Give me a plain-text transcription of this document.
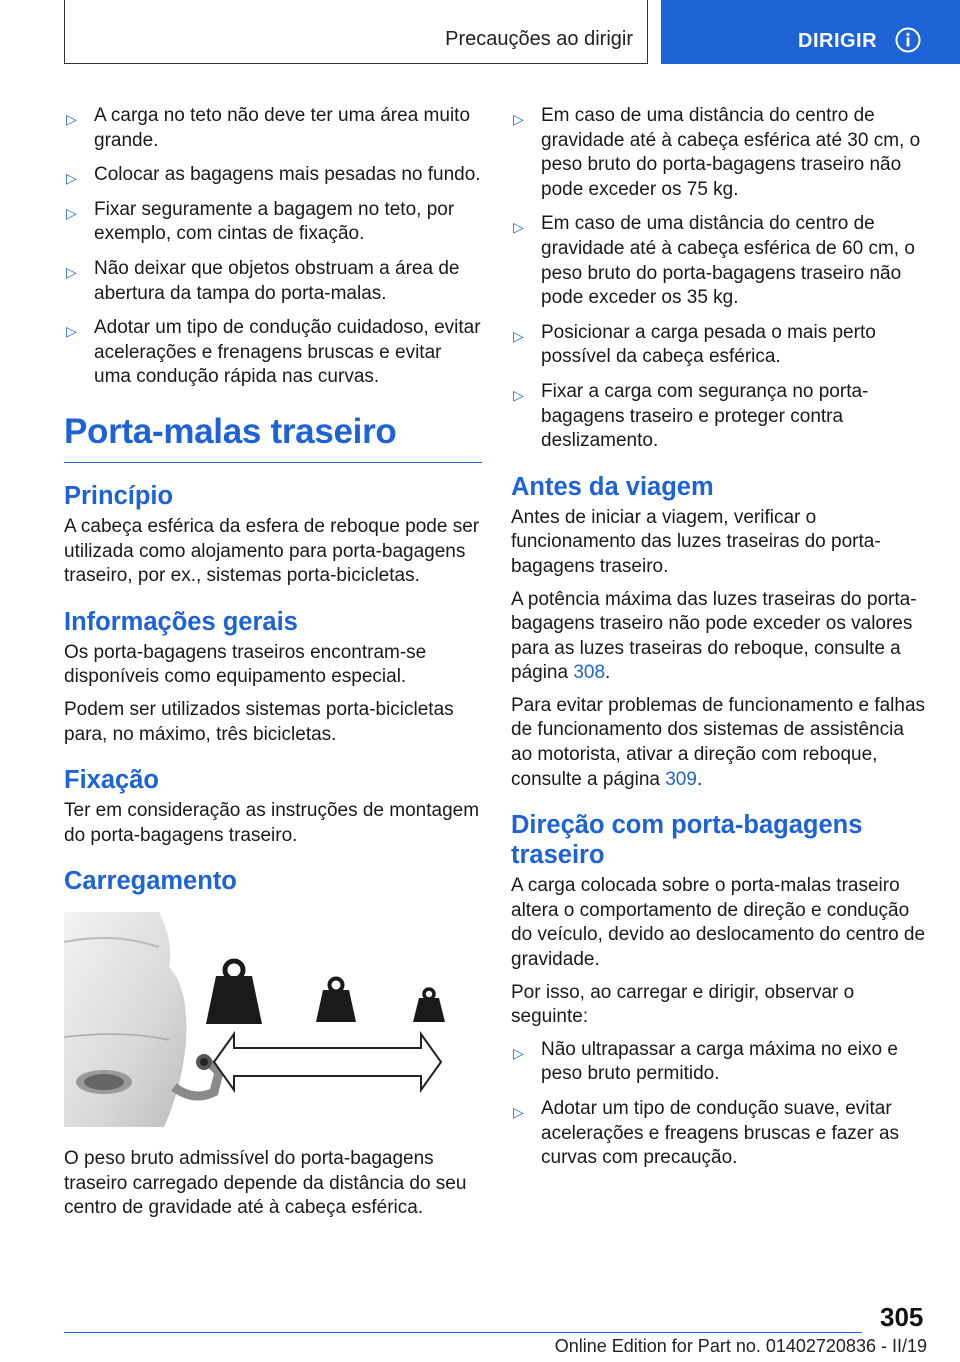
Precauções ao dirigir	DIRIGIR
▷ A carga no teto não deve ter uma área muito grande.
▷ Colocar as bagagens mais pesadas no fundo.
▷ Fixar seguramente a bagagem no teto, por exemplo, com cintas de fixação.
▷ Não deixar que objetos obstruam a área de abertura da tampa do porta-malas.
▷ Adotar um tipo de condução cuidadoso, evitar acelerações e frenagens bruscas e evitar uma condução rápida nas curvas.
Porta-malas traseiro
Princípio

A cabeça esférica da esfera de reboque pode ser utilizada como alojamento para porta-bagagens traseiro, por ex., sistemas porta-bicicletas.

Informações gerais

Os porta-bagagens traseiros encontram-se disponíveis como equipamento especial.

Podem ser utilizados sistemas porta-bicicletas para, no máximo, três bicicletas.

Fixação

Ter em consideração as instruções de montagem do porta-bagagens traseiro.

Carregamento

O peso bruto admissível do porta-bagagens traseiro carregado depende da distância do seu centro de gravidade até à cabeça esférica.

▷ Em caso de uma distância do centro de gravidade até à cabeça esférica até 30 cm, o peso bruto do porta-bagagens traseiro não pode exceder os 75 kg.
▷ Em caso de uma distância do centro de gravidade até à cabeça esférica de 60 cm, o peso bruto do porta-bagagens traseiro não pode exceder os 35 kg.
▷ Posicionar a carga pesada o mais perto possível da cabeça esférica.
▷ Fixar a carga com segurança no porta-bagagens traseiro e proteger contra deslizamento.
Antes da viagem

Antes de iniciar a viagem, verificar o funcionamento das luzes traseiras do porta-bagagens traseiro.

A potência máxima das luzes traseiras do porta-bagagens traseiro não pode exceder os valores para as luzes traseiras do reboque, consulte a página 308.

Para evitar problemas de funcionamento e falhas de funcionamento dos sistemas de assistência ao motorista, ativar a direção com reboque, consulte a página 309.

Direção com porta-bagagens traseiro

A carga colocada sobre o porta-malas traseiro altera o comportamento de direção e condução do veículo, devido ao deslocamento do centro de gravidade.

Por isso, ao carregar e dirigir, observar o seguinte:

▷ Não ultrapassar a carga máxima no eixo e peso bruto permitido.
▷ Adotar um tipo de condução suave, evitar acelerações e freagens bruscas e fazer as curvas com precaução.
305
Online Edition for Part no. 01402720836 - II/19
